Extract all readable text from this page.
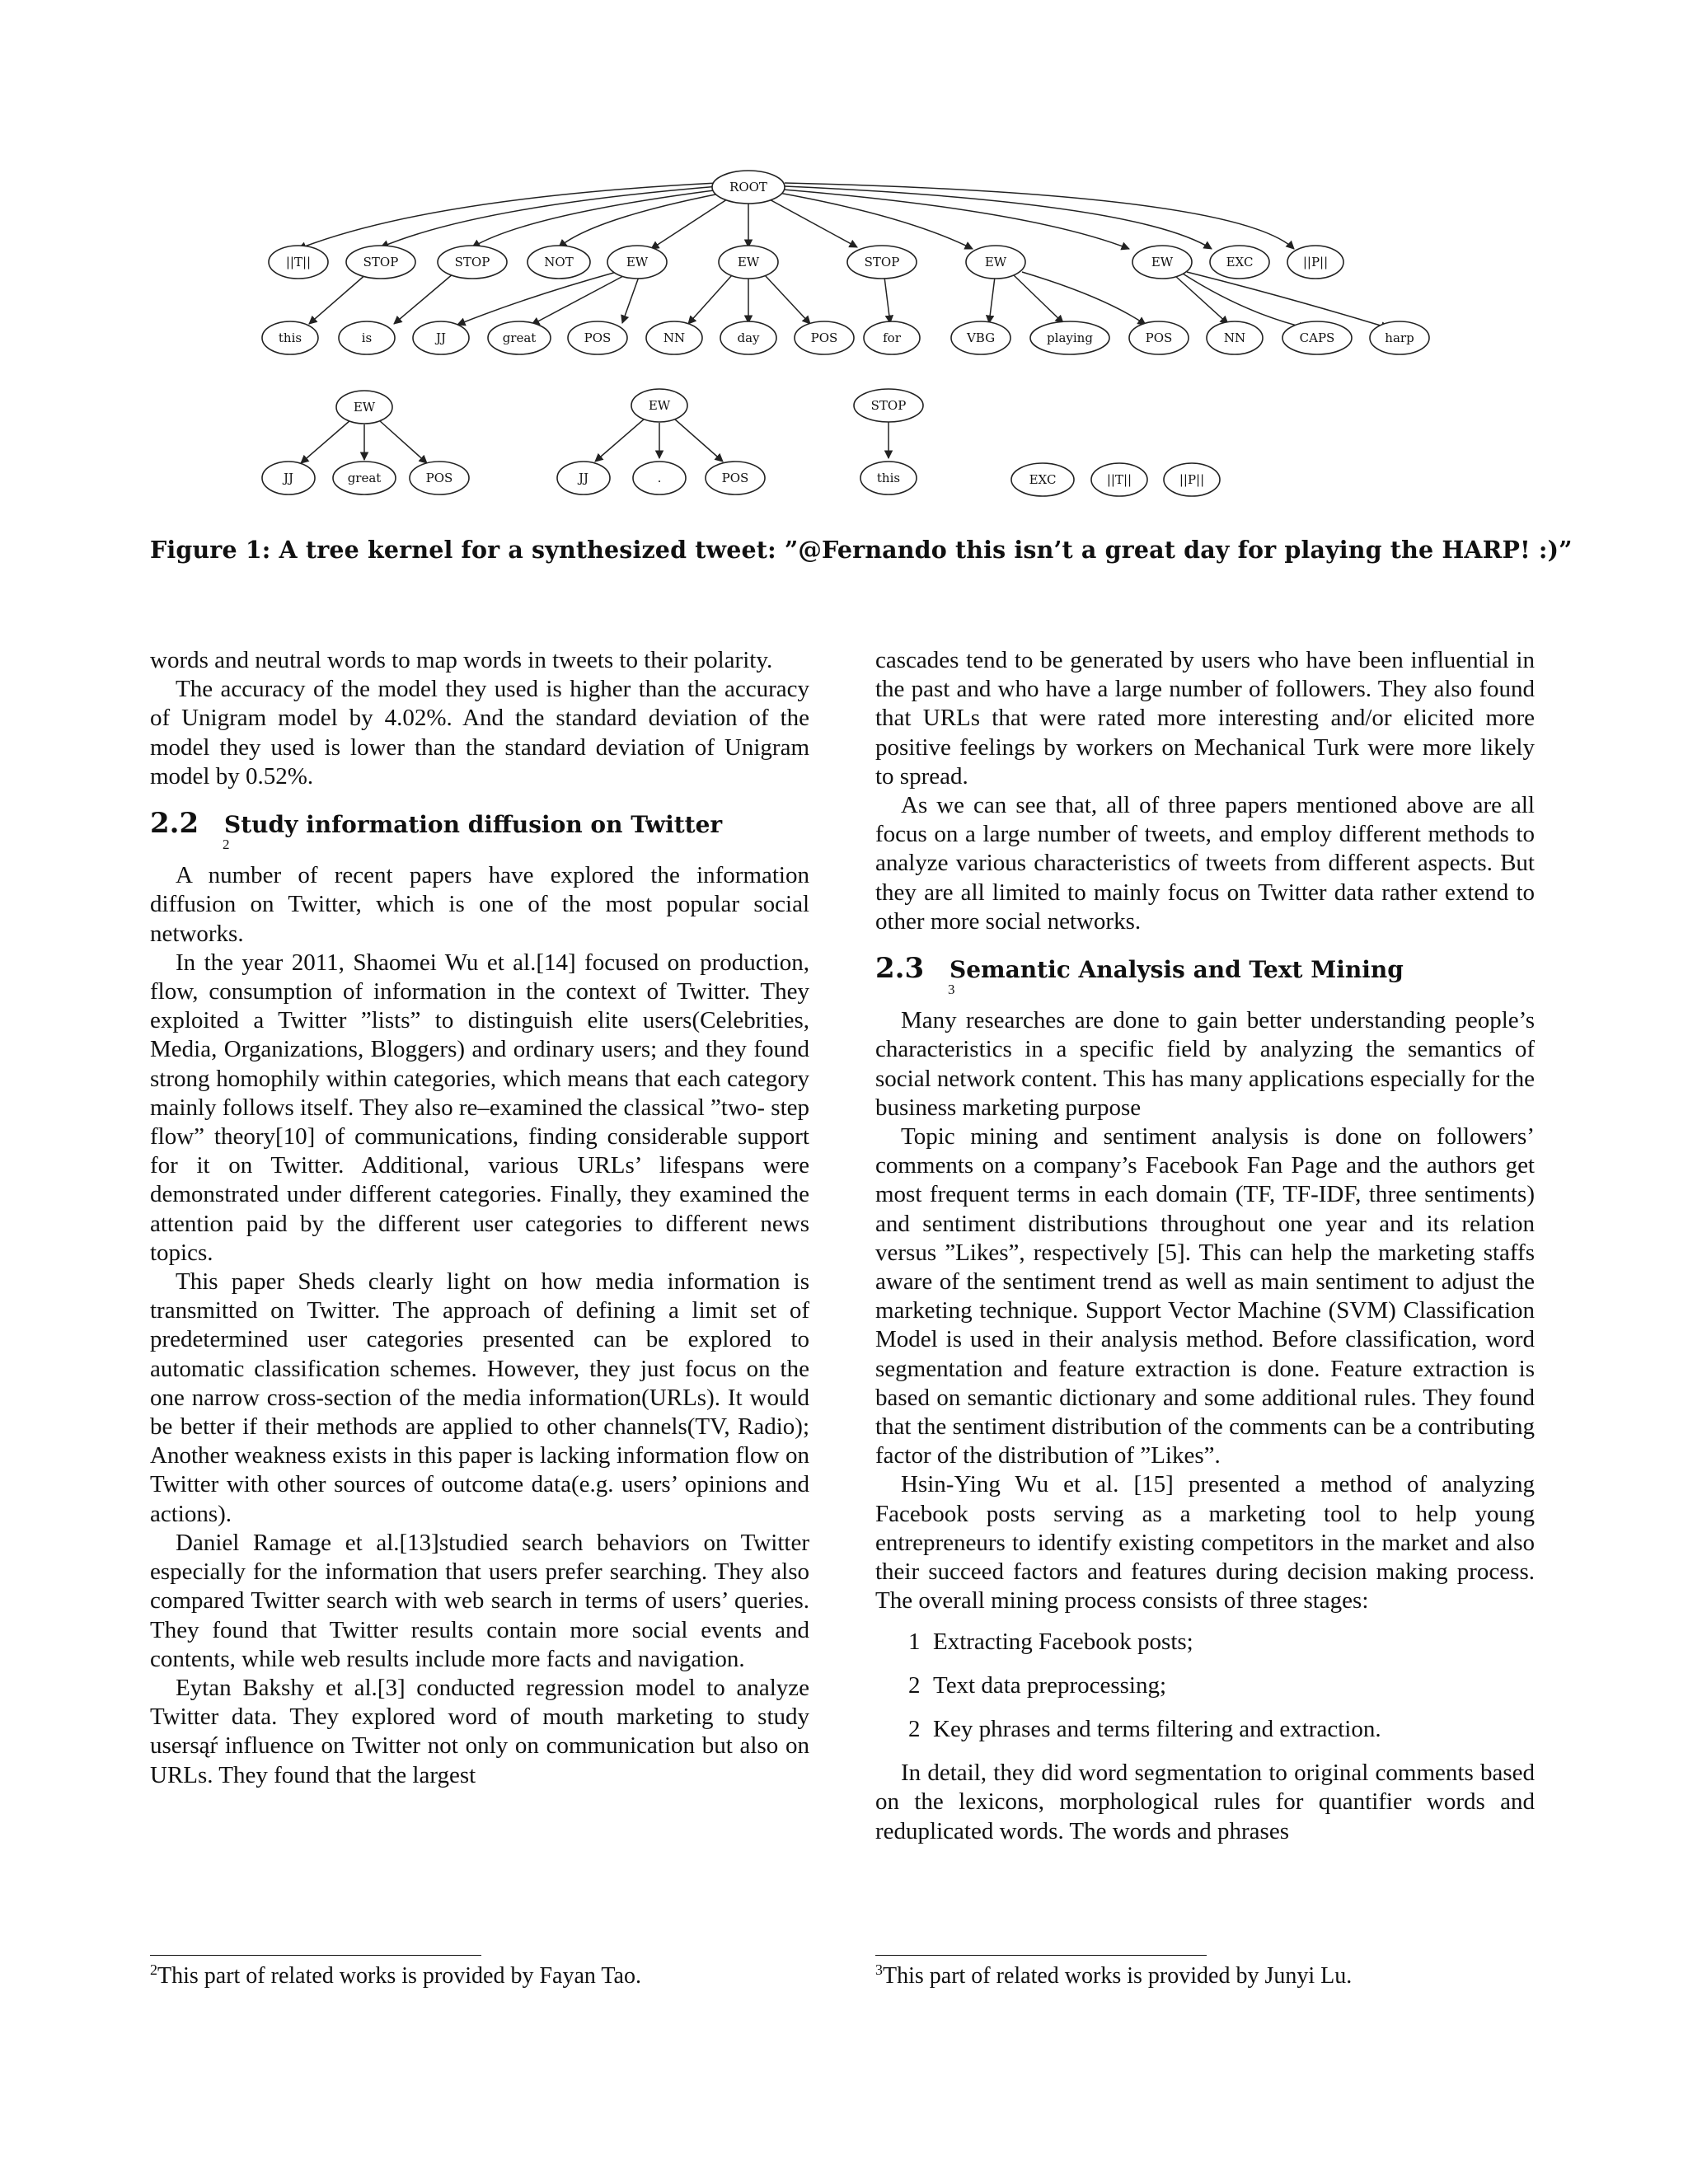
ROOT
||T||	STOP	STOP	NOT	EW	EW	STOP	EW	EW	EXC	||P||
this	is	JJ	great	POS	NN	day	POS	for	VBG	playing	POS	NN	CAPS	harp
EW
JJ	great	POS
EW
JJ	.	POS
STOP
this	EXC	||T||	||P||
Figure 1: A tree kernel for a synthesized tweet: ”@Fernando this isn’t a great day for playing the HARP! :)”

words and neutral words to map words in tweets to their polarity.

The accuracy of the model they used is higher than the accuracy of Unigram model by 4.02%. And the standard deviation of the model they used is lower than the standard deviation of Unigram model by 0.52%.

2.2 Study information diffusion on Twitter
2

A number of recent papers have explored the information diffusion on Twitter, which is one of the most popular social networks.

In the year 2011, Shaomei Wu et al.[14] focused on production, flow, consumption of information in the context of Twitter. They exploited a Twitter ”lists” to distinguish elite users(Celebrities, Media, Organizations, Bloggers) and ordinary users; and they found strong homophily within categories, which means that each category mainly follows itself. They also re–examined the classical ”two- step flow” theory[10] of communications, finding considerable support for it on Twitter. Additional, various URLs’ lifespans were demonstrated under different categories. Finally, they examined the attention paid by the different user categories to different news topics.

This paper Sheds clearly light on how media information is transmitted on Twitter. The approach of defining a limit set of predetermined user categories presented can be explored to automatic classification schemes. However, they just focus on the one narrow cross-section of the media information(URLs). It would be better if their methods are applied to other channels(TV, Radio); Another weakness exists in this paper is lacking information flow on Twitter with other sources of outcome data(e.g. users’ opinions and actions).

Daniel Ramage et al.[13]studied search behaviors on Twitter especially for the information that users prefer searching. They also compared Twitter search with web search in terms of users’ queries. They found that Twitter results contain more social events and contents, while web results include more facts and navigation.

Eytan Bakshy et al.[3] conducted regression model to analyze Twitter data. They explored word of mouth marketing to study usersąŕ influence on Twitter not only on communication but also on URLs. They found that the largest

$^2$This part of related works is provided by Fayan Tao.

cascades tend to be generated by users who have been influential in the past and who have a large number of followers. They also found that URLs that were rated more interesting and/or elicited more positive feelings by workers on Mechanical Turk were more likely to spread.

As we can see that, all of three papers mentioned above are all focus on a large number of tweets, and employ different methods to analyze various characteristics of tweets from different aspects. But they are all limited to mainly focus on Twitter data rather extend to other more social networks.

2.3 Semantic Analysis and Text Mining
3

Many researches are done to gain better understanding people’s characteristics in a specific field by analyzing the semantics of social network content. This has many applications especially for the business marketing purpose

Topic mining and sentiment analysis is done on followers’ comments on a company’s Facebook Fan Page and the authors get most frequent terms in each domain (TF, TF-IDF, three sentiments) and sentiment distributions throughout one year and its relation versus ”Likes”, respectively [5]. This can help the marketing staffs aware of the sentiment trend as well as main sentiment to adjust the marketing technique. Support Vector Machine (SVM) Classification Model is used in their analysis method. Before classification, word segmentation and feature extraction is done. Feature extraction is based on semantic dictionary and some additional rules. They found that the sentiment distribution of the comments can be a contributing factor of the distribution of ”Likes”.

Hsin-Ying Wu et al. [15] presented a method of analyzing Facebook posts serving as a marketing tool to help young entrepreneurs to identify existing competitors in the market and also their succeed factors and features during decision making process. The overall mining process consists of three stages:

1 Extracting Facebook posts;
2 Text data preprocessing;
2 Key phrases and terms filtering and extraction.

In detail, they did word segmentation to original comments based on the lexicons, morphological rules for quantifier words and reduplicated words. The words and phrases

$^3$This part of related works is provided by Junyi Lu.
